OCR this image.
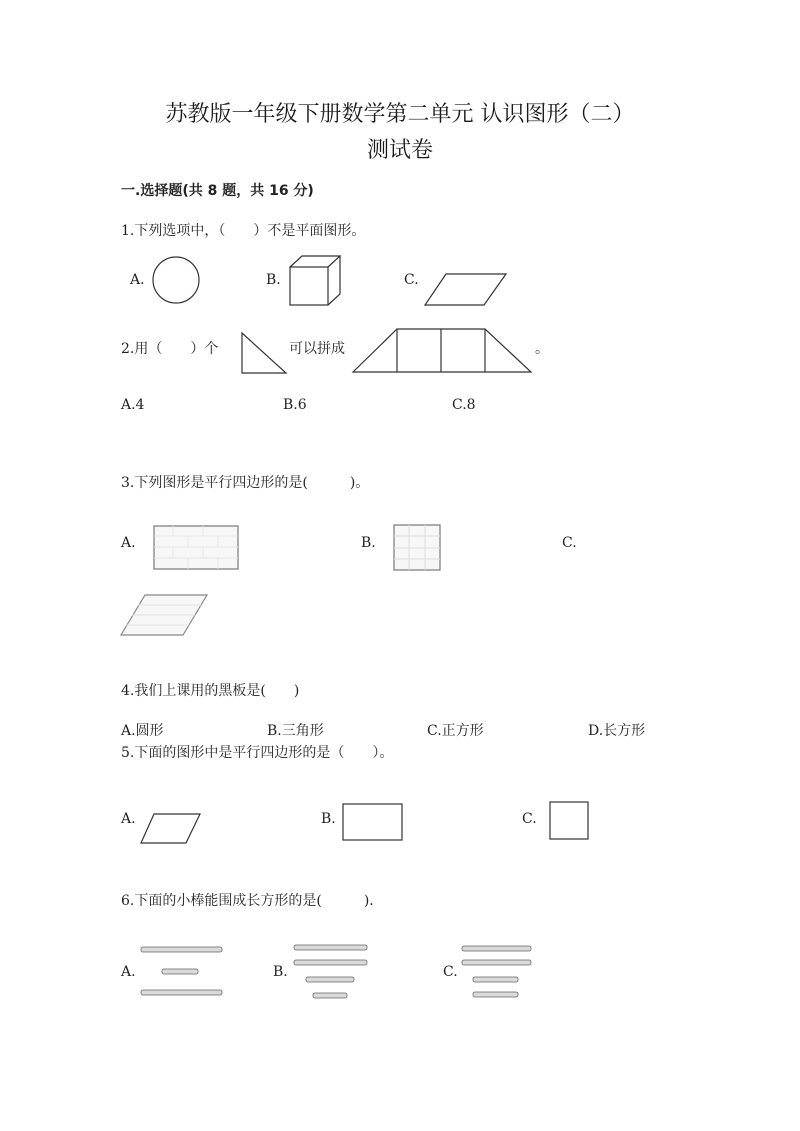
苏教版一年级下册数学第二单元 认识图形（二）
测试卷
一.选择题(共 8 题，共 16 分)
1.下列选项中，（　　）不是平面图形。
A.	B.	C.
2.用（　　）个	可以拼成	。
A.4	B.6	C.8
3.下列图形是平行四边形的是(　　　)。
A.	B.	C.
4.我们上课用的黑板是(　　)
A.圆形	B.三角形	C.正方形	D.长方形
5.下面的图形中是平行四边形的是（　　）。
A.	B.	C.
6.下面的小棒能围成长方形的是(　　　).
A.	B.	C.
